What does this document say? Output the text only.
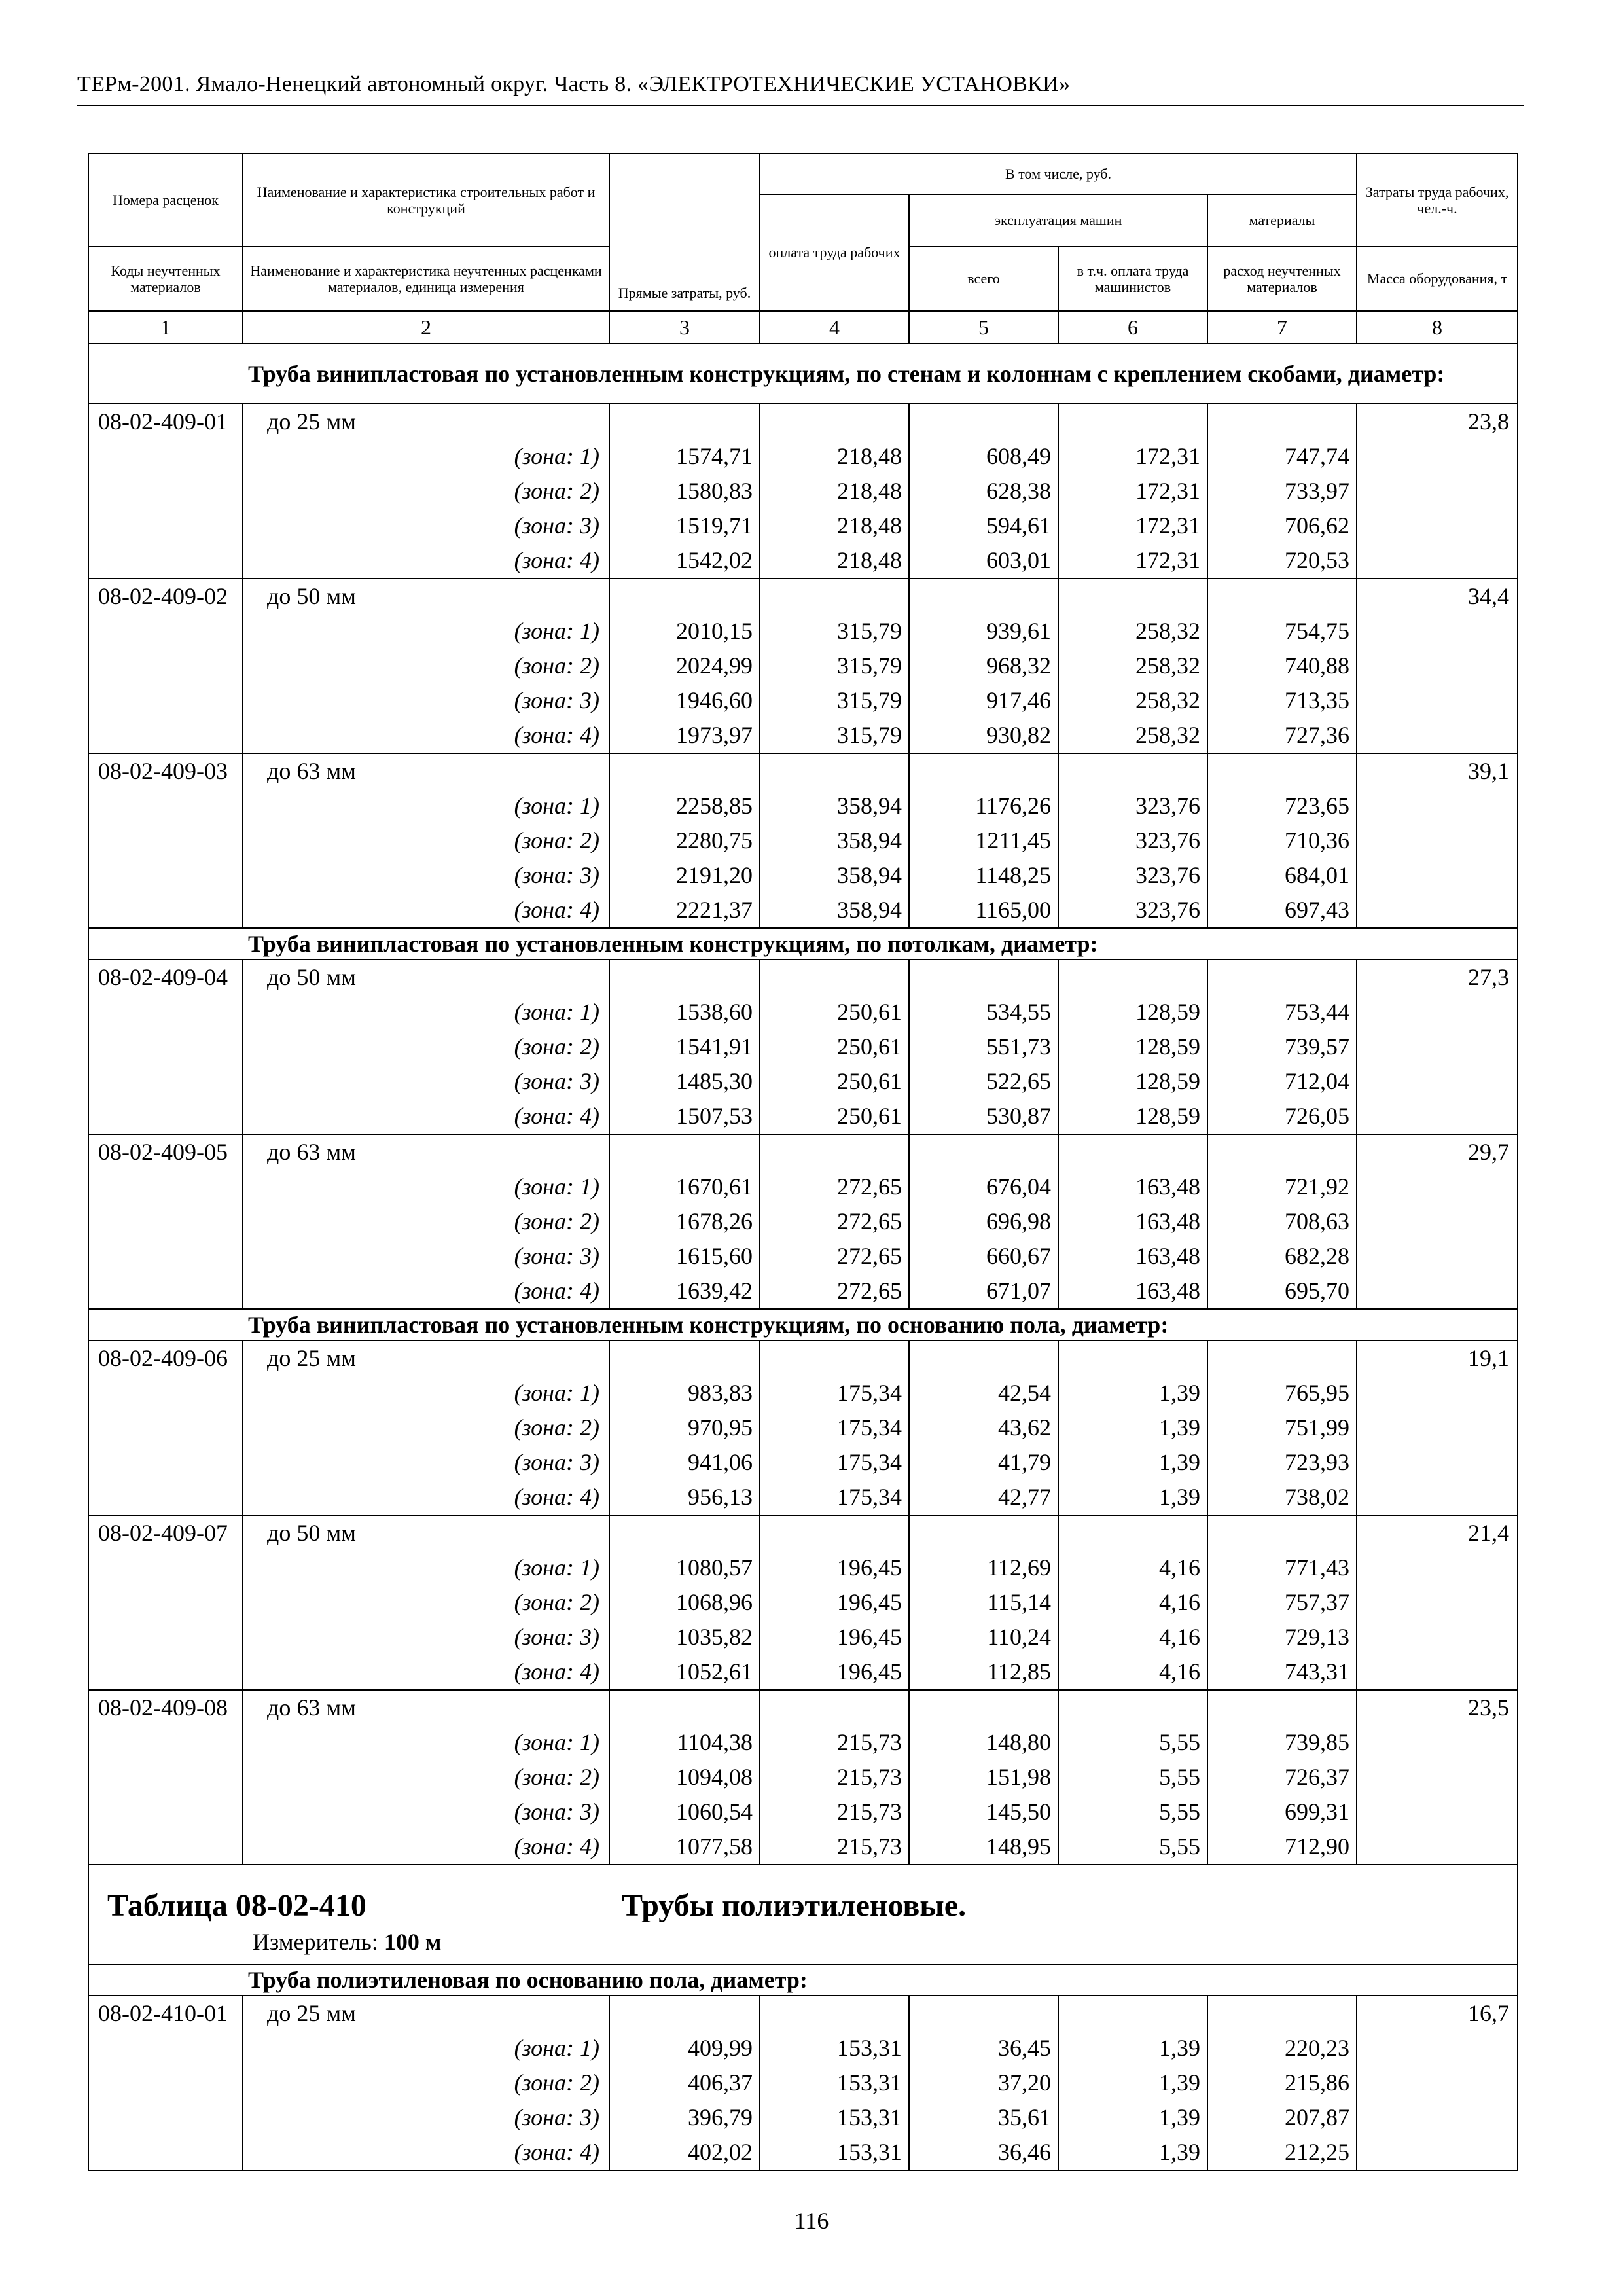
ТЕРм-2001. Ямало-Ненецкий автономный округ. Часть 8. «ЭЛЕКТРОТЕХНИЧЕСКИЕ УСТАНОВКИ»
Номера расценок	Наименование и характеристика строительных работ и конструкций	Прямые затраты, руб.	В том числе, руб.				Затраты труда рабочих, чел.-ч.
			оплата труда рабочих	эксплуатация машин		материалы	
Коды неучтенных материалов	Наименование и характеристика неучтенных расценками материалов, единица измерения			всего	в т.ч. оплата труда машинистов	расход неучтенных материалов	Масса оборудования, т
1	2	3	4	5	6	7	8
	Труба винипластовая по установленным конструкциям, по стенам и колоннам с креплением скобами, диаметр:						
08-02-409-01	до 25 мм						23,8
	(зона: 1)	1574,71	218,48	608,49	172,31	747,74	
	(зона: 2)	1580,83	218,48	628,38	172,31	733,97	
	(зона: 3)	1519,71	218,48	594,61	172,31	706,62	
	(зона: 4)	1542,02	218,48	603,01	172,31	720,53	
08-02-409-02	до 50 мм						34,4
	(зона: 1)	2010,15	315,79	939,61	258,32	754,75	
	(зона: 2)	2024,99	315,79	968,32	258,32	740,88	
	(зона: 3)	1946,60	315,79	917,46	258,32	713,35	
	(зона: 4)	1973,97	315,79	930,82	258,32	727,36	
08-02-409-03	до 63 мм						39,1
	(зона: 1)	2258,85	358,94	1176,26	323,76	723,65	
	(зона: 2)	2280,75	358,94	1211,45	323,76	710,36	
	(зона: 3)	2191,20	358,94	1148,25	323,76	684,01	
	(зона: 4)	2221,37	358,94	1165,00	323,76	697,43	
	Труба винипластовая по установленным конструкциям, по потолкам, диаметр:						
08-02-409-04	до 50 мм						27,3
	(зона: 1)	1538,60	250,61	534,55	128,59	753,44	
	(зона: 2)	1541,91	250,61	551,73	128,59	739,57	
	(зона: 3)	1485,30	250,61	522,65	128,59	712,04	
	(зона: 4)	1507,53	250,61	530,87	128,59	726,05	
08-02-409-05	до 63 мм						29,7
	(зона: 1)	1670,61	272,65	676,04	163,48	721,92	
	(зона: 2)	1678,26	272,65	696,98	163,48	708,63	
	(зона: 3)	1615,60	272,65	660,67	163,48	682,28	
	(зона: 4)	1639,42	272,65	671,07	163,48	695,70	
	Труба винипластовая по установленным конструкциям, по основанию пола, диаметр:						
08-02-409-06	до 25 мм						19,1
	(зона: 1)	983,83	175,34	42,54	1,39	765,95	
	(зона: 2)	970,95	175,34	43,62	1,39	751,99	
	(зона: 3)	941,06	175,34	41,79	1,39	723,93	
	(зона: 4)	956,13	175,34	42,77	1,39	738,02	
08-02-409-07	до 50 мм						21,4
	(зона: 1)	1080,57	196,45	112,69	4,16	771,43	
	(зона: 2)	1068,96	196,45	115,14	4,16	757,37	
	(зона: 3)	1035,82	196,45	110,24	4,16	729,13	
	(зона: 4)	1052,61	196,45	112,85	4,16	743,31	
08-02-409-08	до 63 мм						23,5
	(зона: 1)	1104,38	215,73	148,80	5,55	739,85	
	(зона: 2)	1094,08	215,73	151,98	5,55	726,37	
	(зона: 3)	1060,54	215,73	145,50	5,55	699,31	
	(зона: 4)	1077,58	215,73	148,95	5,55	712,90	

Таблица 08-02-410 Трубы полиэтиленовые.
Измеритель: 100 м							

	Труба полиэтиленовая по основанию пола, диаметр:						
08-02-410-01	до 25 мм						16,7
	(зона: 1)	409,99	153,31	36,45	1,39	220,23	
	(зона: 2)	406,37	153,31	37,20	1,39	215,86	
	(зона: 3)	396,79	153,31	35,61	1,39	207,87	
	(зона: 4)	402,02	153,31	36,46	1,39	212,25	
116
